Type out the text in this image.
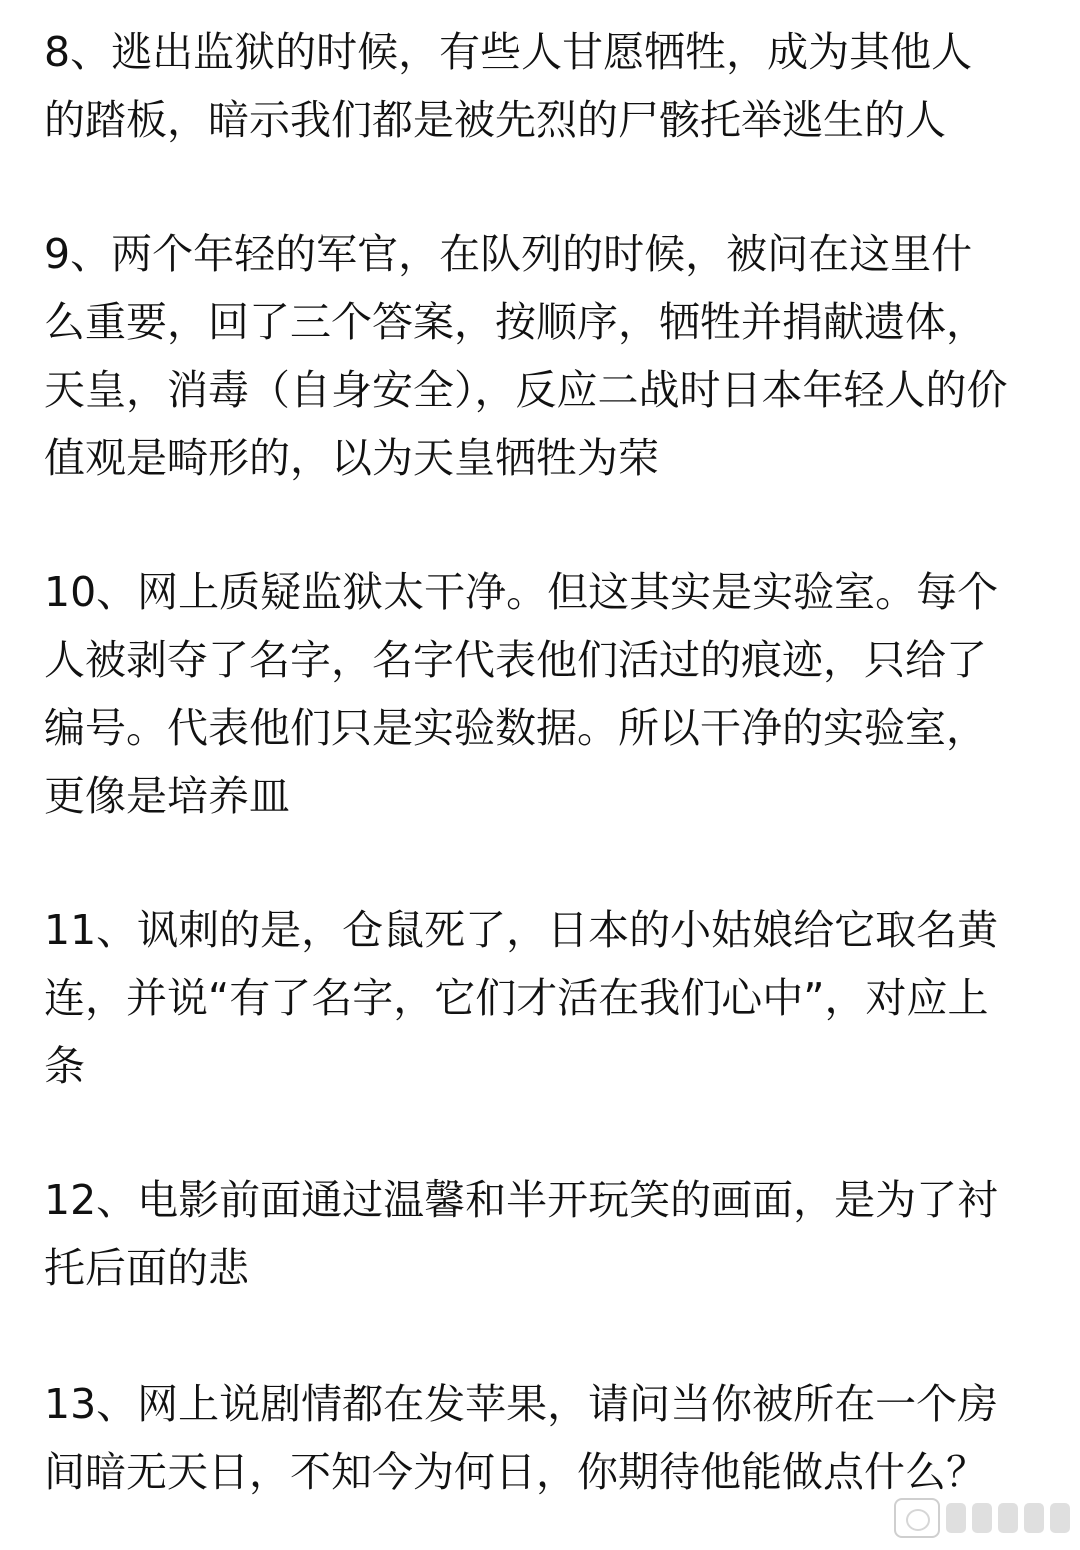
8、逃出监狱的时候，有些人甘愿牺牲，成为其他人
的踏板，暗示我们都是被先烈的尸骸托举逃生的人
9、两个年轻的军官，在队列的时候，被问在这里什
么重要，回了三个答案，按顺序，牺牲并捐献遗体，
天皇，消毒（自身安全），反应二战时日本年轻人的价
值观是畸形的，以为天皇牺牲为荣
10、网上质疑监狱太干净。但这其实是实验室。每个
人被剥夺了名字，名字代表他们活过的痕迹，只给了
编号。代表他们只是实验数据。所以干净的实验室，
更像是培养皿
11、讽刺的是，仓鼠死了，日本的小姑娘给它取名黄
连，并说“有了名字，它们才活在我们心中”，对应上
条
12、电影前面通过温馨和半开玩笑的画面，是为了衬
托后面的悲
13、网上说剧情都在发苹果，请问当你被所在一个房
间暗无天日，不知今为何日，你期待他能做点什么？
